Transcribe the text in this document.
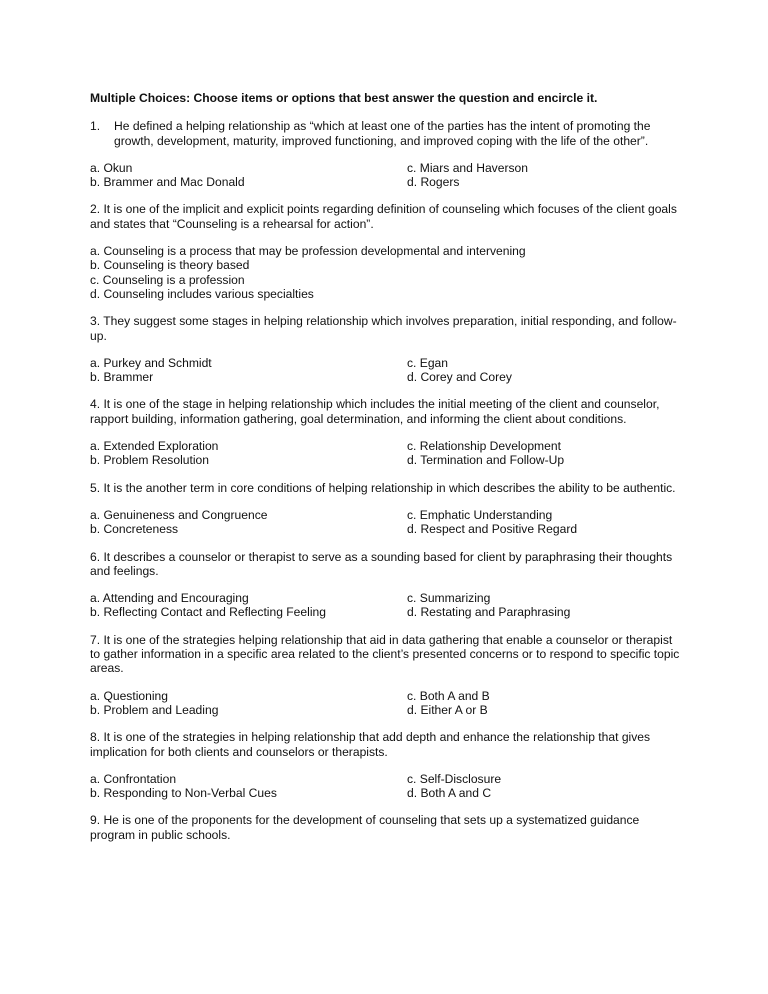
Multiple Choices: Choose items or options that best answer the question and encircle it.
1.	He defined a helping relationship as “which at least one of the parties has the intent of promoting the growth, development, maturity, improved functioning, and improved coping with the life of the other”.
a. Okun	c. Miars and Haverson
b. Brammer and Mac Donald	d. Rogers
2. It is one of the implicit and explicit points regarding definition of counseling which focuses of the client goals and states that “Counseling is a rehearsal for action”.
a. Counseling is a process that may be profession developmental and intervening
b. Counseling is theory based
c. Counseling is a profession
d. Counseling includes various specialties
3. They suggest some stages in helping relationship which involves preparation, initial responding, and follow-up.
a. Purkey and Schmidt	c. Egan
b. Brammer	d. Corey and Corey
4. It is one of the stage in helping relationship which includes the initial meeting of the client and counselor, rapport building, information gathering, goal determination, and informing the client about conditions.
a. Extended Exploration	c. Relationship Development
b. Problem Resolution	d. Termination and Follow-Up
5. It is the another term in core conditions of helping relationship in which describes the ability to be authentic.
a. Genuineness and Congruence	c. Emphatic Understanding
b. Concreteness	d. Respect and Positive Regard
6. It describes a counselor or therapist to serve as a sounding based for client by paraphrasing their thoughts and feelings.
a. Attending and Encouraging	c. Summarizing
b. Reflecting Contact and Reflecting Feeling	d. Restating and Paraphrasing
7. It is one of the strategies helping relationship that aid in data gathering that enable a counselor or therapist to gather information in a specific area related to the client’s presented concerns or to respond to specific topic areas.
a. Questioning	c. Both A and B
b. Problem and Leading	d. Either A or B
8. It is one of the strategies in helping relationship that add depth and enhance the relationship that gives implication for both clients and counselors or therapists.
a. Confrontation	c. Self-Disclosure
b. Responding to Non-Verbal Cues	d. Both A and C
9. He is one of the proponents for the development of counseling that sets up a systematized guidance program in public schools.
